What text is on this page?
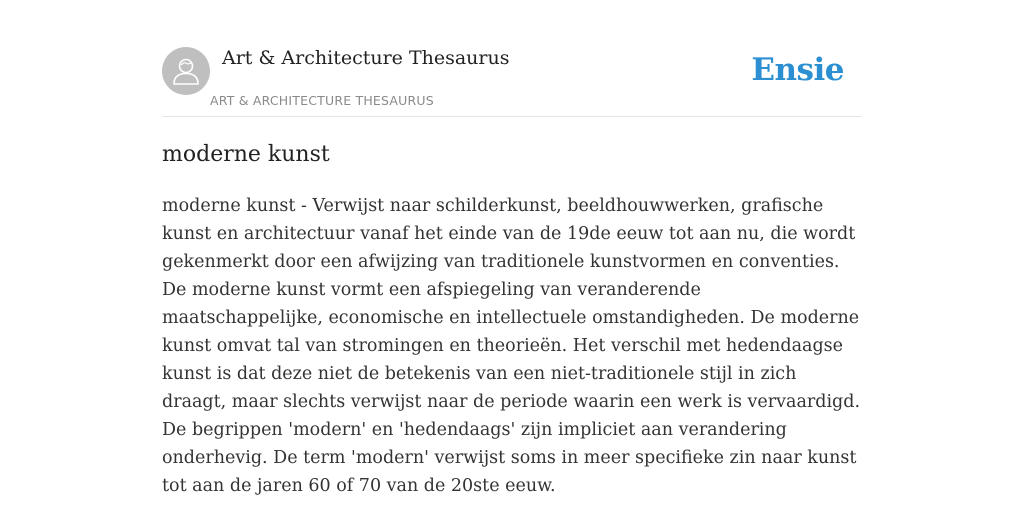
Art & Architecture Thesaurus
ART & ARCHITECTURE THESAURUS
Ensie
moderne kunst

moderne kunst - Verwijst naar schilderkunst, beeldhouwwerken, grafische kunst en architectuur vanaf het einde van de 19de eeuw tot aan nu, die wordt gekenmerkt door een afwijzing van traditionele kunstvormen en conventies. De moderne kunst vormt een afspiegeling van veranderende maatschappelijke, economische en intellectuele omstandigheden. De moderne kunst omvat tal van stromingen en theorieën. Het verschil met hedendaagse kunst is dat deze niet de betekenis van een niet-traditionele stijl in zich draagt, maar slechts verwijst naar de periode waarin een werk is vervaardigd. De begrippen 'modern' en 'hedendaags' zijn impliciet aan verandering onderhevig. De term 'modern' verwijst soms in meer specifieke zin naar kunst tot aan de jaren 60 of 70 van de 20ste eeuw.
